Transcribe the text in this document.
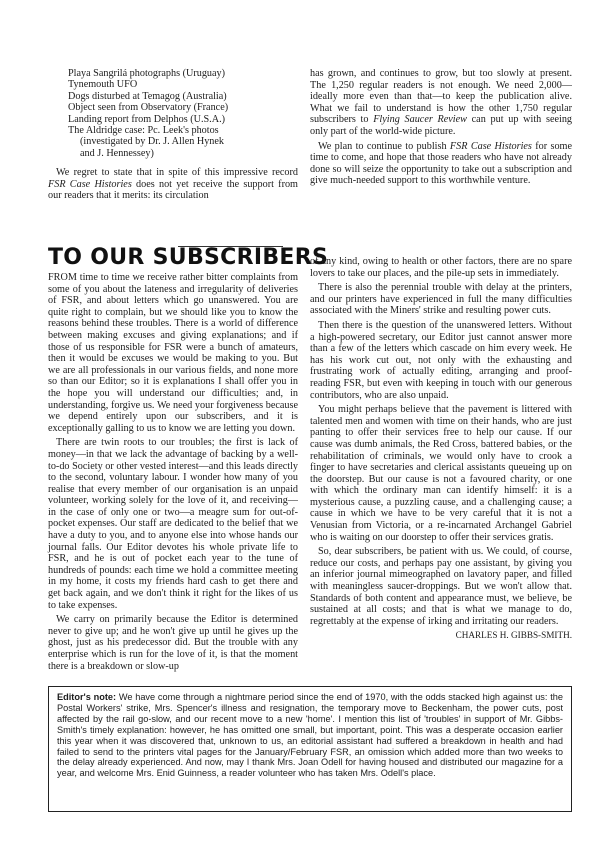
Playa Sangrilá photographs (Uruguay)
Tynemouth UFO
Dogs disturbed at Temagog (Australia)
Object seen from Observatory (France)
Landing report from Delphos (U.S.A.)
The Aldridge case: Pc. Leek's photos
(investigated by Dr. J. Allen Hynek
and J. Hennessey)

We regret to state that in spite of this impressive record FSR Case Histories does not yet receive the support from our readers that it merits: its circulation

has grown, and continues to grow, but too slowly at present. The 1,250 regular readers is not enough. We need 2,000—ideally more even than that—to keep the publication alive. What we fail to understand is how the other 1,750 regular subscribers to Flying Saucer Review can put up with seeing only part of the world-wide picture.

We plan to continue to publish FSR Case Histories for some time to come, and hope that those readers who have not already done so will seize the opportunity to take out a subscription and give much-needed support to this worthwhile venture.

TO OUR SUBSCRIBERS

FROM time to time we receive rather bitter complaints from some of you about the lateness and irregularity of deliveries of FSR, and about letters which go unanswered. You are quite right to complain, but we should like you to know the reasons behind these troubles. There is a world of difference between making excuses and giving explanations; and if those of us responsible for FSR were a bunch of amateurs, then it would be excuses we would be making to you. But we are all professionals in our various fields, and none more so than our Editor; so it is explanations I shall offer you in the hope you will understand our difficulties; and, in understanding, forgive us. We need your forgiveness because we depend entirely upon our subscribers, and it is exceptionally galling to us to know we are letting you down.

There are twin roots to our troubles; the first is lack of money—in that we lack the advantage of backing by a well-to-do Society or other vested interest—and this leads directly to the second, voluntary labour. I wonder how many of you realise that every member of our organisation is an unpaid volunteer, working solely for the love of it, and receiving—in the case of only one or two—a meagre sum for out-of-pocket expenses. Our staff are dedicated to the belief that we have a duty to you, and to anyone else into whose hands our journal falls. Our Editor devotes his whole private life to FSR, and he is out of pocket each year to the tune of hundreds of pounds: each time we hold a committee meeting in my home, it costs my friends hard cash to get there and get back again, and we don't think it right for the likes of us to take expenses.

We carry on primarily because the Editor is determined never to give up; and he won't give up until he gives up the ghost, just as his predecessor did. But the trouble with any enterprise which is run for the love of it, is that the moment there is a breakdown or slow-up

of any kind, owing to health or other factors, there are no spare lovers to take our places, and the pile-up sets in immediately.

There is also the perennial trouble with delay at the printers, and our printers have experienced in full the many difficulties associated with the Miners' strike and resulting power cuts.

Then there is the question of the unanswered letters. Without a high-powered secretary, our Editor just cannot answer more than a few of the letters which cascade on him every week. He has his work cut out, not only with the exhausting and frustrating work of actually editing, arranging and proof-reading FSR, but even with keeping in touch with our generous contributors, who are also unpaid.

You might perhaps believe that the pavement is littered with talented men and women with time on their hands, who are just panting to offer their services free to help our cause. If our cause was dumb animals, the Red Cross, battered babies, or the rehabilitation of criminals, we would only have to crook a finger to have secretaries and clerical assistants queueing up on the doorstep. But our cause is not a favoured charity, or one with which the ordinary man can identify himself: it is a mysterious cause, a puzzling cause, and a challenging cause; a cause in which we have to be very careful that it is not a Venusian from Victoria, or a re-incarnated Archangel Gabriel who is waiting on our doorstep to offer their services gratis.

So, dear subscribers, be patient with us. We could, of course, reduce our costs, and perhaps pay one assistant, by giving you an inferior journal mimeographed on lavatory paper, and filled with meaningless saucer-droppings. But we won't allow that. Standards of both content and appearance must, we believe, be sustained at all costs; and that is what we manage to do, regrettably at the expense of irking and irritating our readers.

CHARLES H. GIBBS-SMITH.

Editor's note: We have come through a nightmare period since the end of 1970, with the odds stacked high against us: the Postal Workers' strike, Mrs. Spencer's illness and resignation, the temporary move to Beckenham, the power cuts, post affected by the rail go-slow, and our recent move to a new 'home'. I mention this list of 'troubles' in support of Mr. Gibbs-Smith's timely explanation: however, he has omitted one small, but important, point. This was a desperate occasion earlier this year when it was discovered that, unknown to us, an editorial assistant had suffered a breakdown in health and had failed to send to the printers vital pages for the January/February FSR, an omission which added more than two weeks to the delay already experienced. And now, may I thank Mrs. Joan Odell for having housed and distributed our magazine for a year, and welcome Mrs. Enid Guinness, a reader volunteer who has taken Mrs. Odell's place.
